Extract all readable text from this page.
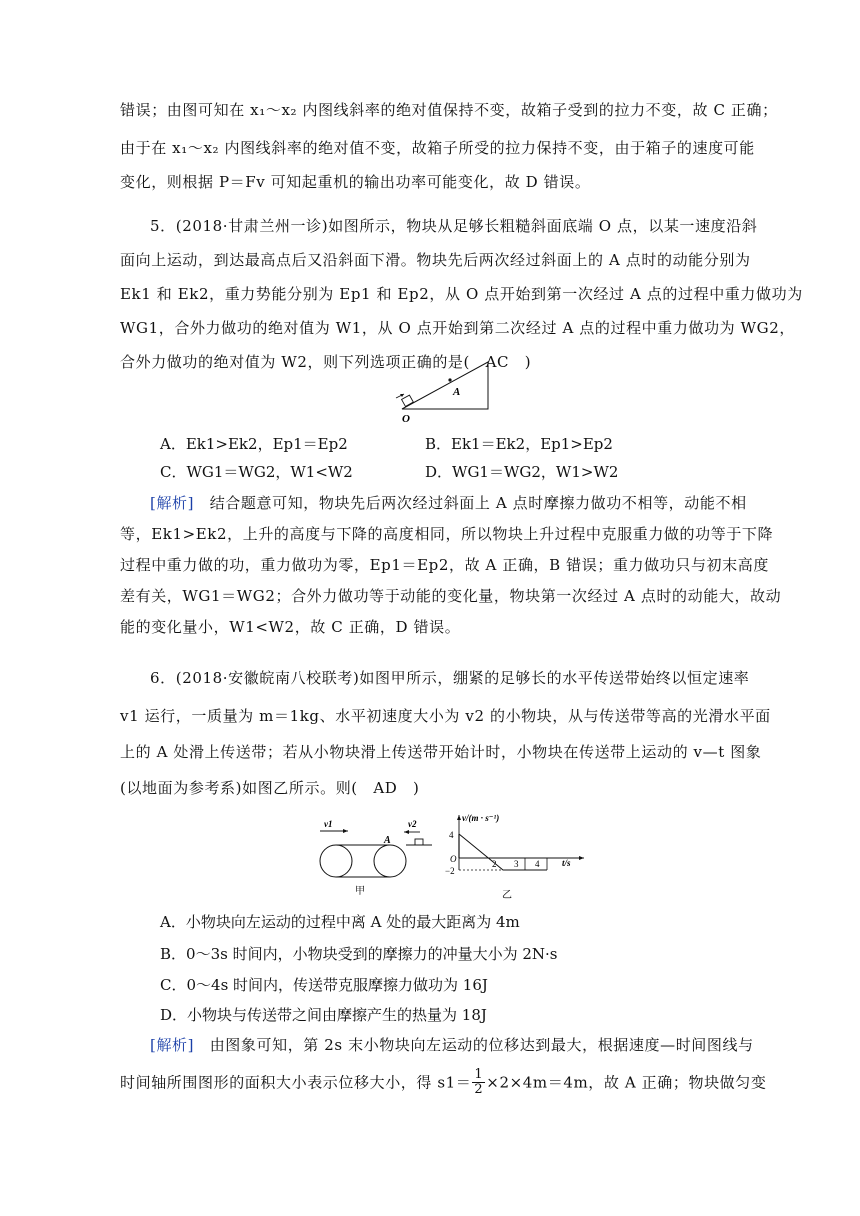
错误；由图可知在 x₁～x₂ 内图线斜率的绝对值保持不变，故箱子受到的拉力不变，故 C 正确；
由于在 x₁～x₂ 内图线斜率的绝对值不变，故箱子所受的拉力保持不变，由于箱子的速度可能
变化，则根据 P＝Fv 可知起重机的输出功率可能变化，故 D 错误。
5．(2018·甘肃兰州一诊)如图所示，物块从足够长粗糙斜面底端 O 点，以某一速度沿斜
面向上运动，到达最高点后又沿斜面下滑。物块先后两次经过斜面上的 A 点时的动能分别为
Ek1 和 Ek2，重力势能分别为 Ep1 和 Ep2，从 O 点开始到第一次经过 A 点的过程中重力做功为
WG1，合外力做功的绝对值为 W1，从 O 点开始到第二次经过 A 点的过程中重力做功为 WG2，
合外力做功的绝对值为 W2，则下列选项正确的是(　AC　)
A
O
A．Ek1>Ek2，Ep1＝Ep2	B．Ek1＝Ek2，Ep1>Ep2
C．WG1＝WG2，W1<W2	D．WG1＝WG2，W1>W2
[解析]　结合题意可知，物块先后两次经过斜面上 A 点时摩擦力做功不相等，动能不相
等，Ek1>Ek2，上升的高度与下降的高度相同，所以物块上升过程中克服重力做的功等于下降
过程中重力做的功，重力做功为零，Ep1＝Ep2，故 A 正确，B 错误；重力做功只与初末高度
差有关，WG1＝WG2；合外力做功等于动能的变化量，物块第一次经过 A 点时的动能大，故动
能的变化量小，W1<W2，故 C 正确，D 错误。
6．(2018·安徽皖南八校联考)如图甲所示，绷紧的足够长的水平传送带始终以恒定速率
v1 运行，一质量为 m＝1kg、水平初速度大小为 v2 的小物块，从与传送带等高的光滑水平面
上的 A 处滑上传送带；若从小物块滑上传送带开始计时，小物块在传送带上运动的 v—t 图象
(以地面为参考系)如图乙所示。则(　AD　)
v1	v2
A
甲
v/(m · s⁻¹)
t/s
4
−2
O	2 3 4
乙
A．小物块向左运动的过程中离 A 处的最大距离为 4m
B．0～3s 时间内，小物块受到的摩擦力的冲量大小为 2N·s
C．0～4s 时间内，传送带克服摩擦力做功为 16J
D．小物块与传送带之间由摩擦产生的热量为 18J
[解析]　由图象可知，第 2s 末小物块向左运动的位移达到最大，根据速度—时间图线与
时间轴所围图形的面积大小表示位移大小，得 $s1= \frac{1}{2} \times 2\times 4m=4m$，故 A 正确；物块做匀变
